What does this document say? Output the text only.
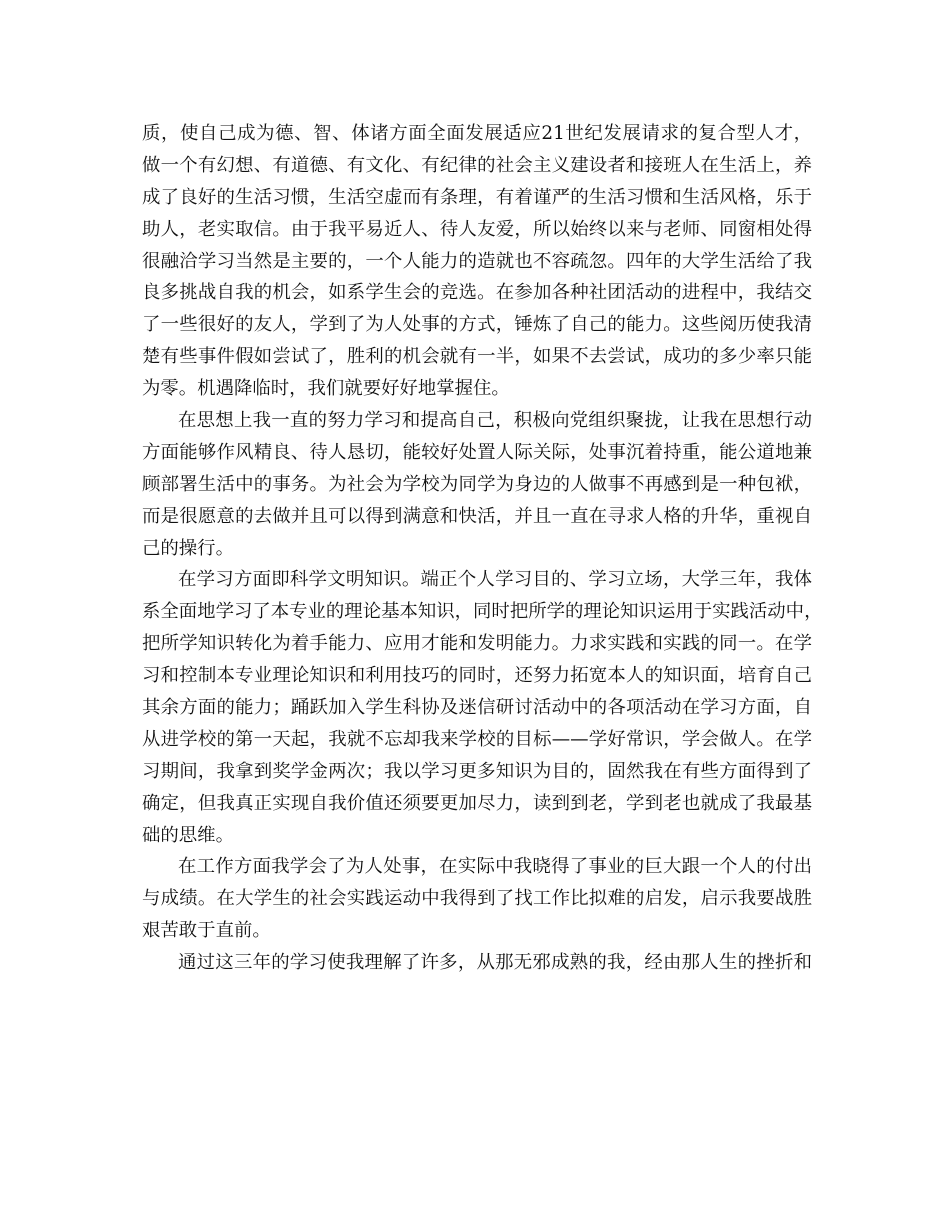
质，使自己成为德、智、体诸方面全面发展适应21世纪发展请求的复合型人才，
做一个有幻想、有道德、有文化、有纪律的社会主义建设者和接班人在生活上，养
成了良好的生活习惯，生活空虚而有条理，有着谨严的生活习惯和生活风格，乐于
助人，老实取信。由于我平易近人、待人友爱，所以始终以来与老师、同窗相处得
很融洽学习当然是主要的，一个人能力的造就也不容疏忽。四年的大学生活给了我
良多挑战自我的机会，如系学生会的竞选。在参加各种社团活动的进程中，我结交
了一些很好的友人，学到了为人处事的方式，锤炼了自己的能力。这些阅历使我清
楚有些事件假如尝试了，胜利的机会就有一半，如果不去尝试，成功的多少率只能
为零。机遇降临时，我们就要好好地掌握住。
在思想上我一直的努力学习和提高自己，积极向党组织聚拢，让我在思想行动
方面能够作风精良、待人恳切，能较好处置人际关际，处事沉着持重，能公道地兼
顾部署生活中的事务。为社会为学校为同学为身边的人做事不再感到是一种包袱，
而是很愿意的去做并且可以得到满意和快活，并且一直在寻求人格的升华，重视自
己的操行。
在学习方面即科学文明知识。端正个人学习目的、学习立场，大学三年，我体
系全面地学习了本专业的理论基本知识，同时把所学的理论知识运用于实践活动中，
把所学知识转化为着手能力、应用才能和发明能力。力求实践和实践的同一。在学
习和控制本专业理论知识和利用技巧的同时，还努力拓宽本人的知识面，培育自己
其余方面的能力；踊跃加入学生科协及迷信研讨活动中的各项活动在学习方面，自
从进学校的第一天起，我就不忘却我来学校的目标——学好常识，学会做人。在学
习期间，我拿到奖学金两次；我以学习更多知识为目的，固然我在有些方面得到了
确定，但我真正实现自我价值还须要更加尽力，读到到老，学到老也就成了我最基
础的思维。
在工作方面我学会了为人处事，在实际中我晓得了事业的巨大跟一个人的付出
与成绩。在大学生的社会实践运动中我得到了找工作比拟难的启发，启示我要战胜
艰苦敢于直前。
通过这三年的学习使我理解了许多，从那无邪成熟的我，经由那人生的挫折和
